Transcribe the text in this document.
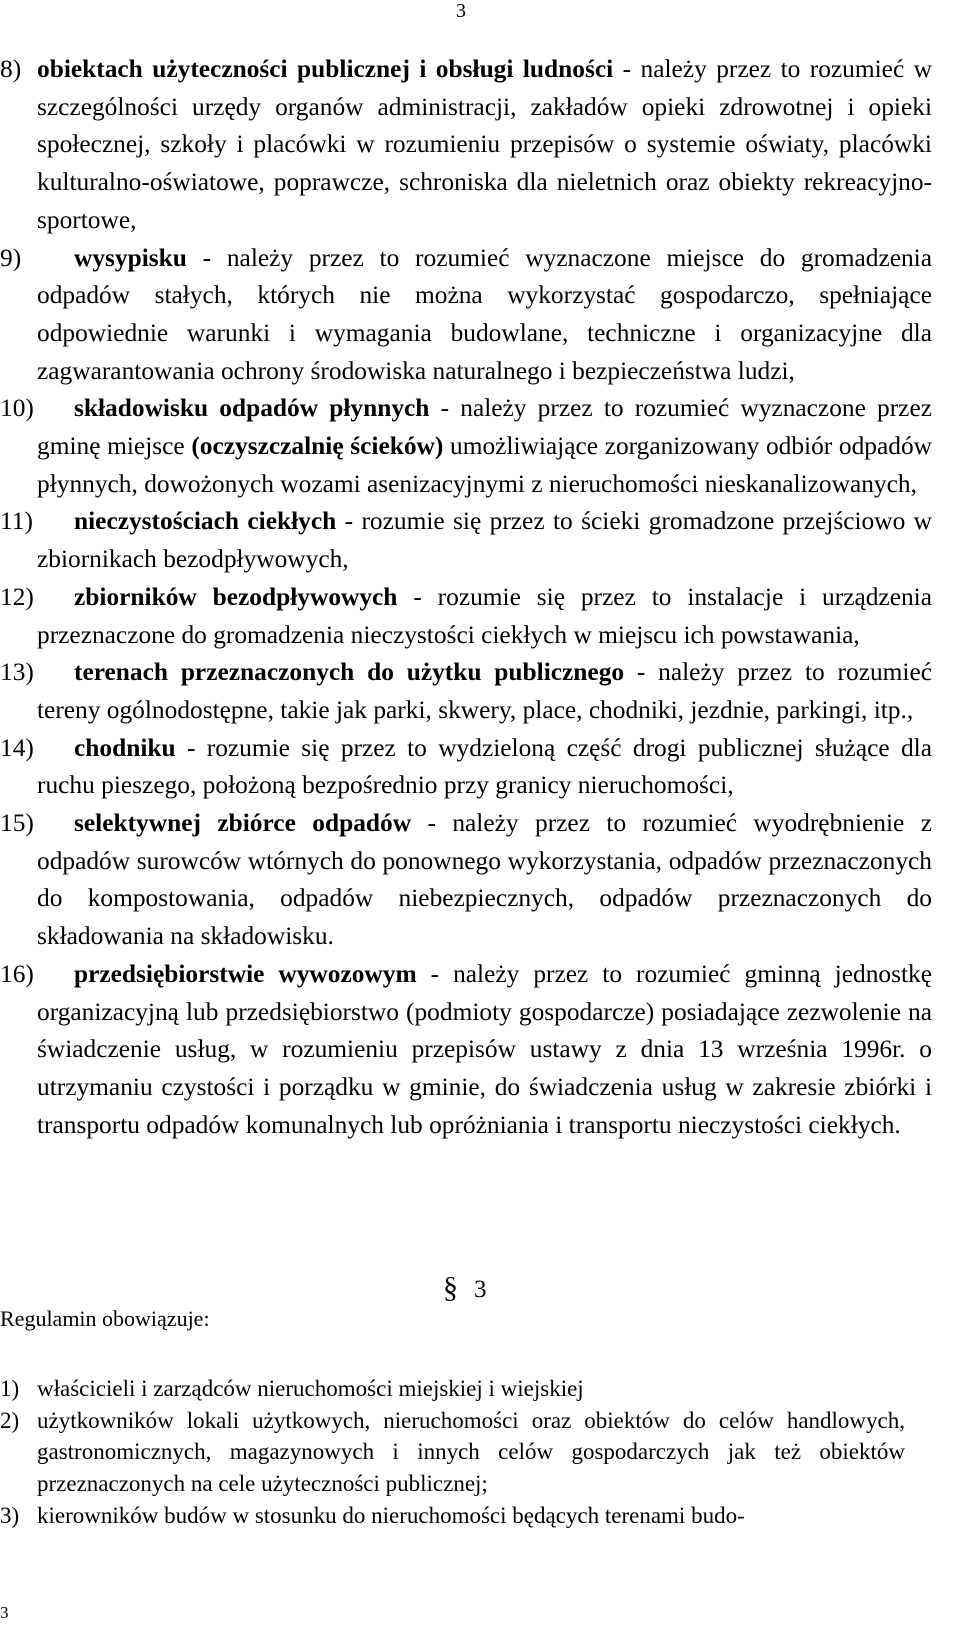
3
8) obiektach użyteczności publicznej i obsługi ludności - należy przez to rozumieć w szczególności urzędy organów administracji, zakładów opieki zdrowotnej i opieki społecznej, szkoły i placówki w rozumieniu przepisów o systemie oświaty, placówki kulturalno-oświatowe, poprawcze, schroniska dla nieletnich oraz obiekty rekreacyjno-sportowe,
9) wysypisku - należy przez to rozumieć wyznaczone miejsce do gromadzenia odpadów stałych, których nie można wykorzystać gospodarczo, spełniające odpowiednie warunki i wymagania budowlane, techniczne i organizacyjne dla zagwarantowania ochrony środowiska naturalnego i bezpieczeństwa ludzi,
10) składowisku odpadów płynnych - należy przez to rozumieć wyznaczone przez gminę miejsce (oczyszczalnię ścieków) umożliwiające zorganizowany odbiór odpadów płynnych, dowożonych wozami asenizacyjnymi z nieruchomości nieskanalizowanych,
11) nieczystościach ciekłych - rozumie się przez to ścieki gromadzone przejściowo w zbiornikach bezodpływowych,
12) zbiorników bezodpływowych - rozumie się przez to instalacje i urządzenia przeznaczone do gromadzenia nieczystości ciekłych w miejscu ich powstawania,
13) terenach przeznaczonych do użytku publicznego - należy przez to rozumieć tereny ogólnodostępne, takie jak parki, skwery, place, chodniki, jezdnie, parkingi, itp.,
14) chodniku - rozumie się przez to wydzieloną część drogi publicznej służące dla ruchu pieszego, położoną bezpośrednio przy granicy nieruchomości,
15) selektywnej zbiórce odpadów - należy przez to rozumieć wyodrębnienie z odpadów surowców wtórnych do ponownego wykorzystania, odpadów przeznaczonych do kompostowania, odpadów niebezpiecznych, odpadów przeznaczonych do składowania na składowisku.
16) przedsiębiorstwie wywozowym - należy przez to rozumieć gminną jednostkę organizacyjną lub przedsiębiorstwo (podmioty gospodarcze) posiadające zezwolenie na świadczenie usług, w rozumieniu przepisów ustawy z dnia 13 września 1996r. o utrzymaniu czystości i porządku w gminie, do świadczenia usług w zakresie zbiórki i transportu odpadów komunalnych lub opróżniania i transportu nieczystości ciekłych.
§ 3
Regulamin obowiązuje:
1) właścicieli i zarządców nieruchomości miejskiej i wiejskiej
2) użytkowników lokali użytkowych, nieruchomości oraz obiektów do celów handlowych, gastronomicznych, magazynowych i innych celów gospodarczych jak też obiektów przeznaczonych na cele użyteczności publicznej;
3) kierowników budów w stosunku do nieruchomości będących terenami budo-
3
